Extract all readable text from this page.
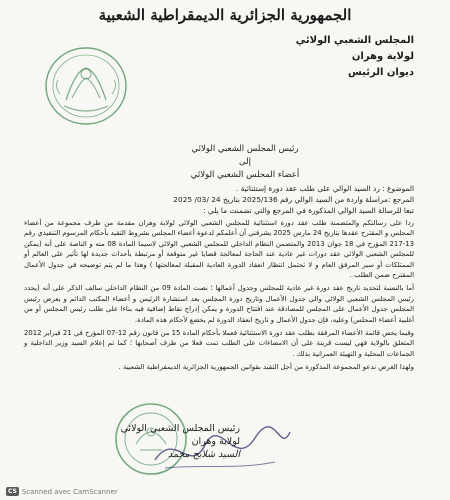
الجمهورية الجزائرية الديمقراطية الشعبية
المجلس الشعبي الولائي
لولاية وهران
ديوان الرئيس
رئيس المجلس الشعبي الولائي
إلى
أعضاء المجلس الشعبي الولائي
الموضوع : رد السيد الوالي على طلب عقد دورة إستثنائية .
المرجع :مراسلة واردة من السيد الوالي رقم 2025/136 بتاريخ 24 /03/ 2025
تبعا للرسالة السيد الوالي المذكورة في المرجع والتي تضمنت ما يلي :

ردا على رسالتكم والمتضمنة طلب عقد دورة استثنائية للمجلس الشعبي الولائي لولاية وهران مقدمة من طرف مجموعة من أعضاء المجلس و المقترح عقدها بتاريخ 24 مارس 2025 يشرفني أن أعلمكم لدعوة أعضاء المجلس بشروط التقيد بأحكام المرسوم التنفيذي رقم 13-217 المؤرخ في 18 جوان 2013 والمتضمن النظام الداخلي للمجلس الشعبي الولائي لاسيما المادة 08 منه و الناصة على أنه (يمكن للمجلس الشعبي الولائي عقد دورات غير عادية عند الحاجة لمعالجة قضايا غير متوقعة أو مرتبطة بأحداث جديدة لها تأثير على العالم أو الممتلكات أو سير المرفق العام و لا تحتمل انتظار انعقاد الدورة العادية المقبلة لمعالجتها ) وهذا ما لم يتم توضيحه في جدول الأعمال المقترح ضمن الطلب .

أما بالنسبة لتحديد تاريخ عقد دورة غير عادية للمجلس وجدول أعمالها ؛ نصت المادة 09 من النظام الداخلي سالف الذكر على أنه (يحدد رئيس المجلس الشعبي الولائي والي جدول الأعمال وتاريخ دورة المجلس بعد استشارة الرئيس و أعضاء المكتب الدائم و يعرض رئيس المجلس جدول الأعمال على المجلس للمصادقة عند افتتاح الدورة و يمكن إدراج نقاط إضافية فيه بناءا على طلب رئيس المجلس أو من أغلبية أعضاء المجلس) وعليه، فإن جدول الأعمال و تاريخ انعقاد الدورة لم يخضع لأحكام هذه المادة.

وفيما يخص قائمة الأعضاء المرفقة بطلب عقد دورة الاستثنائية فعملا بأحكام المادة 15 من قانون رقم 12-07 المؤرخ في 21 فبراير 2012 المتعلق بالولاية فهي ليست قرينة على أن الامضاءات على الطلب تمت فعلا من طرف أصحابها ؛ كما تم إعلام السيد وزير الداخلية و الجماعات المحلية و التهيئة العمرانية بذلك .

ولهذا الغرض ندعو المجموعة المذكورة من أجل التقيد بقوانين الجمهورية الجزائرية الديمقراطية الشعبية .

رئيس المجلس الشعبي الولائي
لولاية وهران
السيد شلابح محمد
CS Scanned avec CamScanner
